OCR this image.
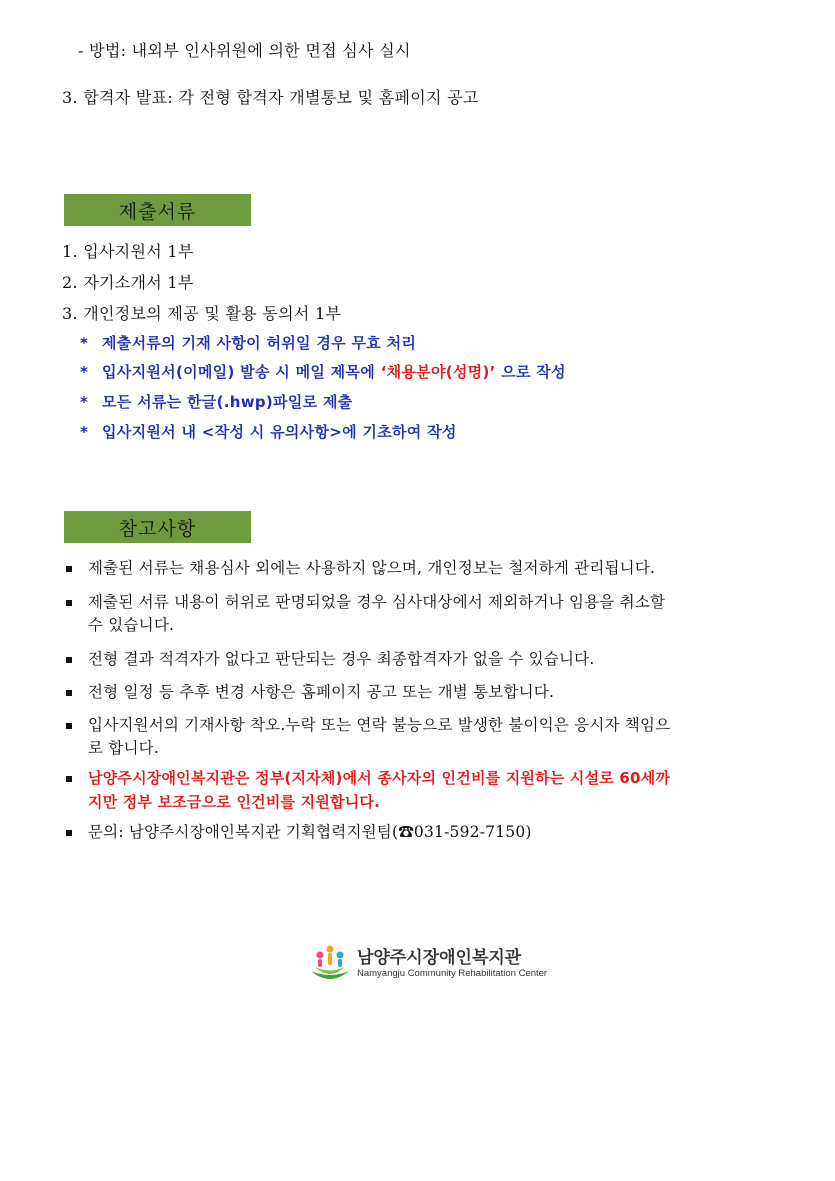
- 방법: 내외부 인사위원에 의한 면접 심사 실시
3. 합격자 발표: 각 전형 합격자 개별통보 및 홈페이지 공고
제출서류
1. 입사지원서 1부
2. 자기소개서 1부
3. 개인정보의 제공 및 활용 동의서 1부
* 제출서류의 기재 사항이 허위일 경우 무효 처리
* 입사지원서(이메일) 발송 시 메일 제목에 ‘채용분야(성명)’ 으로 작성
* 모든 서류는 한글(.hwp)파일로 제출
* 입사지원서 내 <작성 시 유의사항>에 기초하여 작성
참고사항
제출된 서류는 채용심사 외에는 사용하지 않으며, 개인정보는 철저하게 관리됩니다.
제출된 서류 내용이 허위로 판명되었을 경우 심사대상에서 제외하거나 임용을 취소할
수 있습니다.
전형 결과 적격자가 없다고 판단되는 경우 최종합격자가 없을 수 있습니다.
전형 일정 등 추후 변경 사항은 홈페이지 공고 또는 개별 통보합니다.
입사지원서의 기재사항 착오.누락 또는 연락 불능으로 발생한 불이익은 응시자 책임으
로 합니다.
남양주시장애인복지관은 정부(지자체)에서 종사자의 인건비를 지원하는 시설로 60세까
지만 정부 보조금으로 인건비를 지원합니다.
문의: 남양주시장애인복지관 기획협력지원팀(☎031-592-7150)
남양주시장애인복지관
Namyangju Community Rehabilitation Center
